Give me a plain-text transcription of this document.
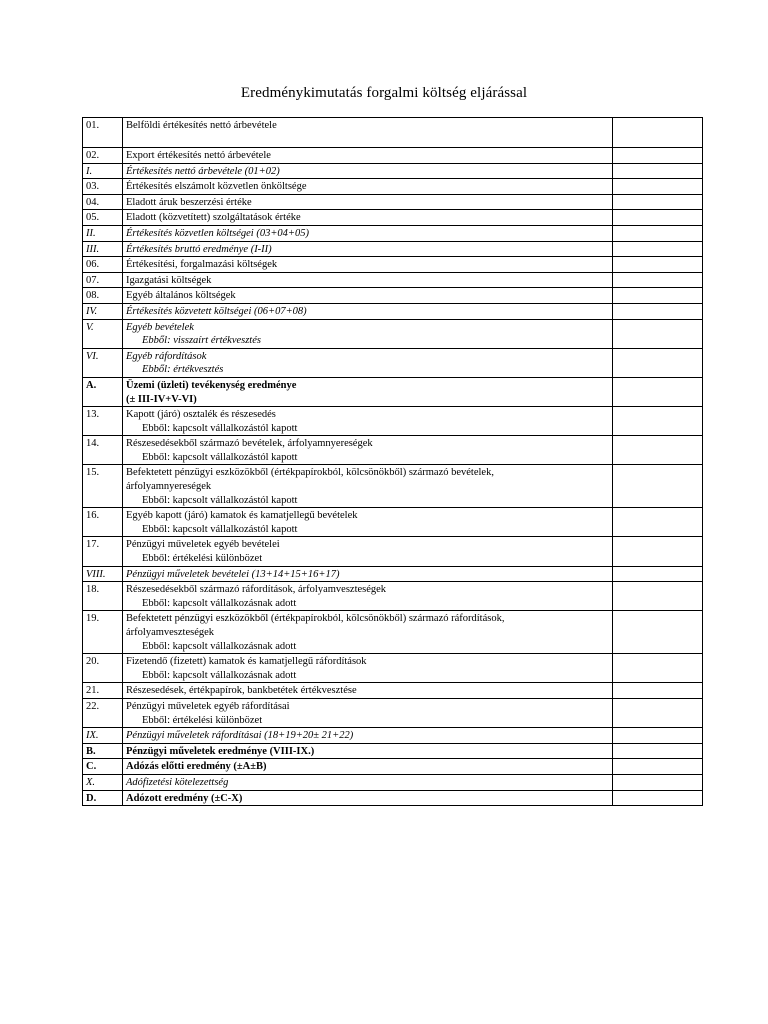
Eredménykimutatás forgalmi költség eljárással
01.	Belföldi értékesítés nettó árbevétele	
02.	Export értékesítés nettó árbevétele	
I.	Értékesítés nettó árbevétele (01+02)	
03.	Értékesítés elszámolt közvetlen önköltsége	
04.	Eladott áruk beszerzési értéke	
05.	Eladott (közvetített) szolgáltatások értéke	
II.	Értékesítés közvetlen költségei (03+04+05)	
III.	Értékesítés bruttó eredménye (I-II)	
06.	Értékesítési, forgalmazási költségek	
07.	Igazgatási költségek	
08.	Egyéb általános költségek	
IV.	Értékesítés közvetett költségei (06+07+08)	
V.	Egyéb bevételek
Ebből: visszaírt értékvesztés	

VI.	Egyéb ráfordítások
Ebből: értékvesztés	

A.	Üzemi (üzleti) tevékenység eredménye
(± III-IV+V-VI)	

13.	Kapott (járó) osztalék és részesedés
Ebből: kapcsolt vállalkozástól kapott	

14.	Részesedésekből származó bevételek, árfolyamnyereségek
Ebből: kapcsolt vállalkozástól kapott	

15.	Befektetett pénzügyi eszközökből (értékpapírokból, kölcsönökből) származó bevételek,
árfolyamnyereségek
Ebből: kapcsolt vállalkozástól kapott	

16.	Egyéb kapott (járó) kamatok és kamatjellegű bevételek
Ebből: kapcsolt vállalkozástól kapott	

17.	Pénzügyi műveletek egyéb bevételei
Ebből: értékelési különbözet	

VIII.	Pénzügyi műveletek bevételei (13+14+15+16+17)	
18.	Részesedésekből származó ráfordítások, árfolyamveszteségek
Ebből: kapcsolt vállalkozásnak adott	

19.	Befektetett pénzügyi eszközökből (értékpapírokból, kölcsönökből) származó ráfordítások,
árfolyamveszteségek
Ebből: kapcsolt vállalkozásnak adott	

20.	Fizetendő (fizetett) kamatok és kamatjellegű ráfordítások
Ebből: kapcsolt vállalkozásnak adott	

21.	Részesedések, értékpapírok, bankbetétek értékvesztése	
22.	Pénzügyi műveletek egyéb ráfordításai
Ebből: értékelési különbözet	

IX.	Pénzügyi műveletek ráfordításai (18+19+20± 21+22)	
B.	Pénzügyi műveletek eredménye (VIII-IX.)	
C.	Adózás előtti eredmény (±A±B)	
X.	Adófizetési kötelezettség	
D.	Adózott eredmény (±C-X)	
